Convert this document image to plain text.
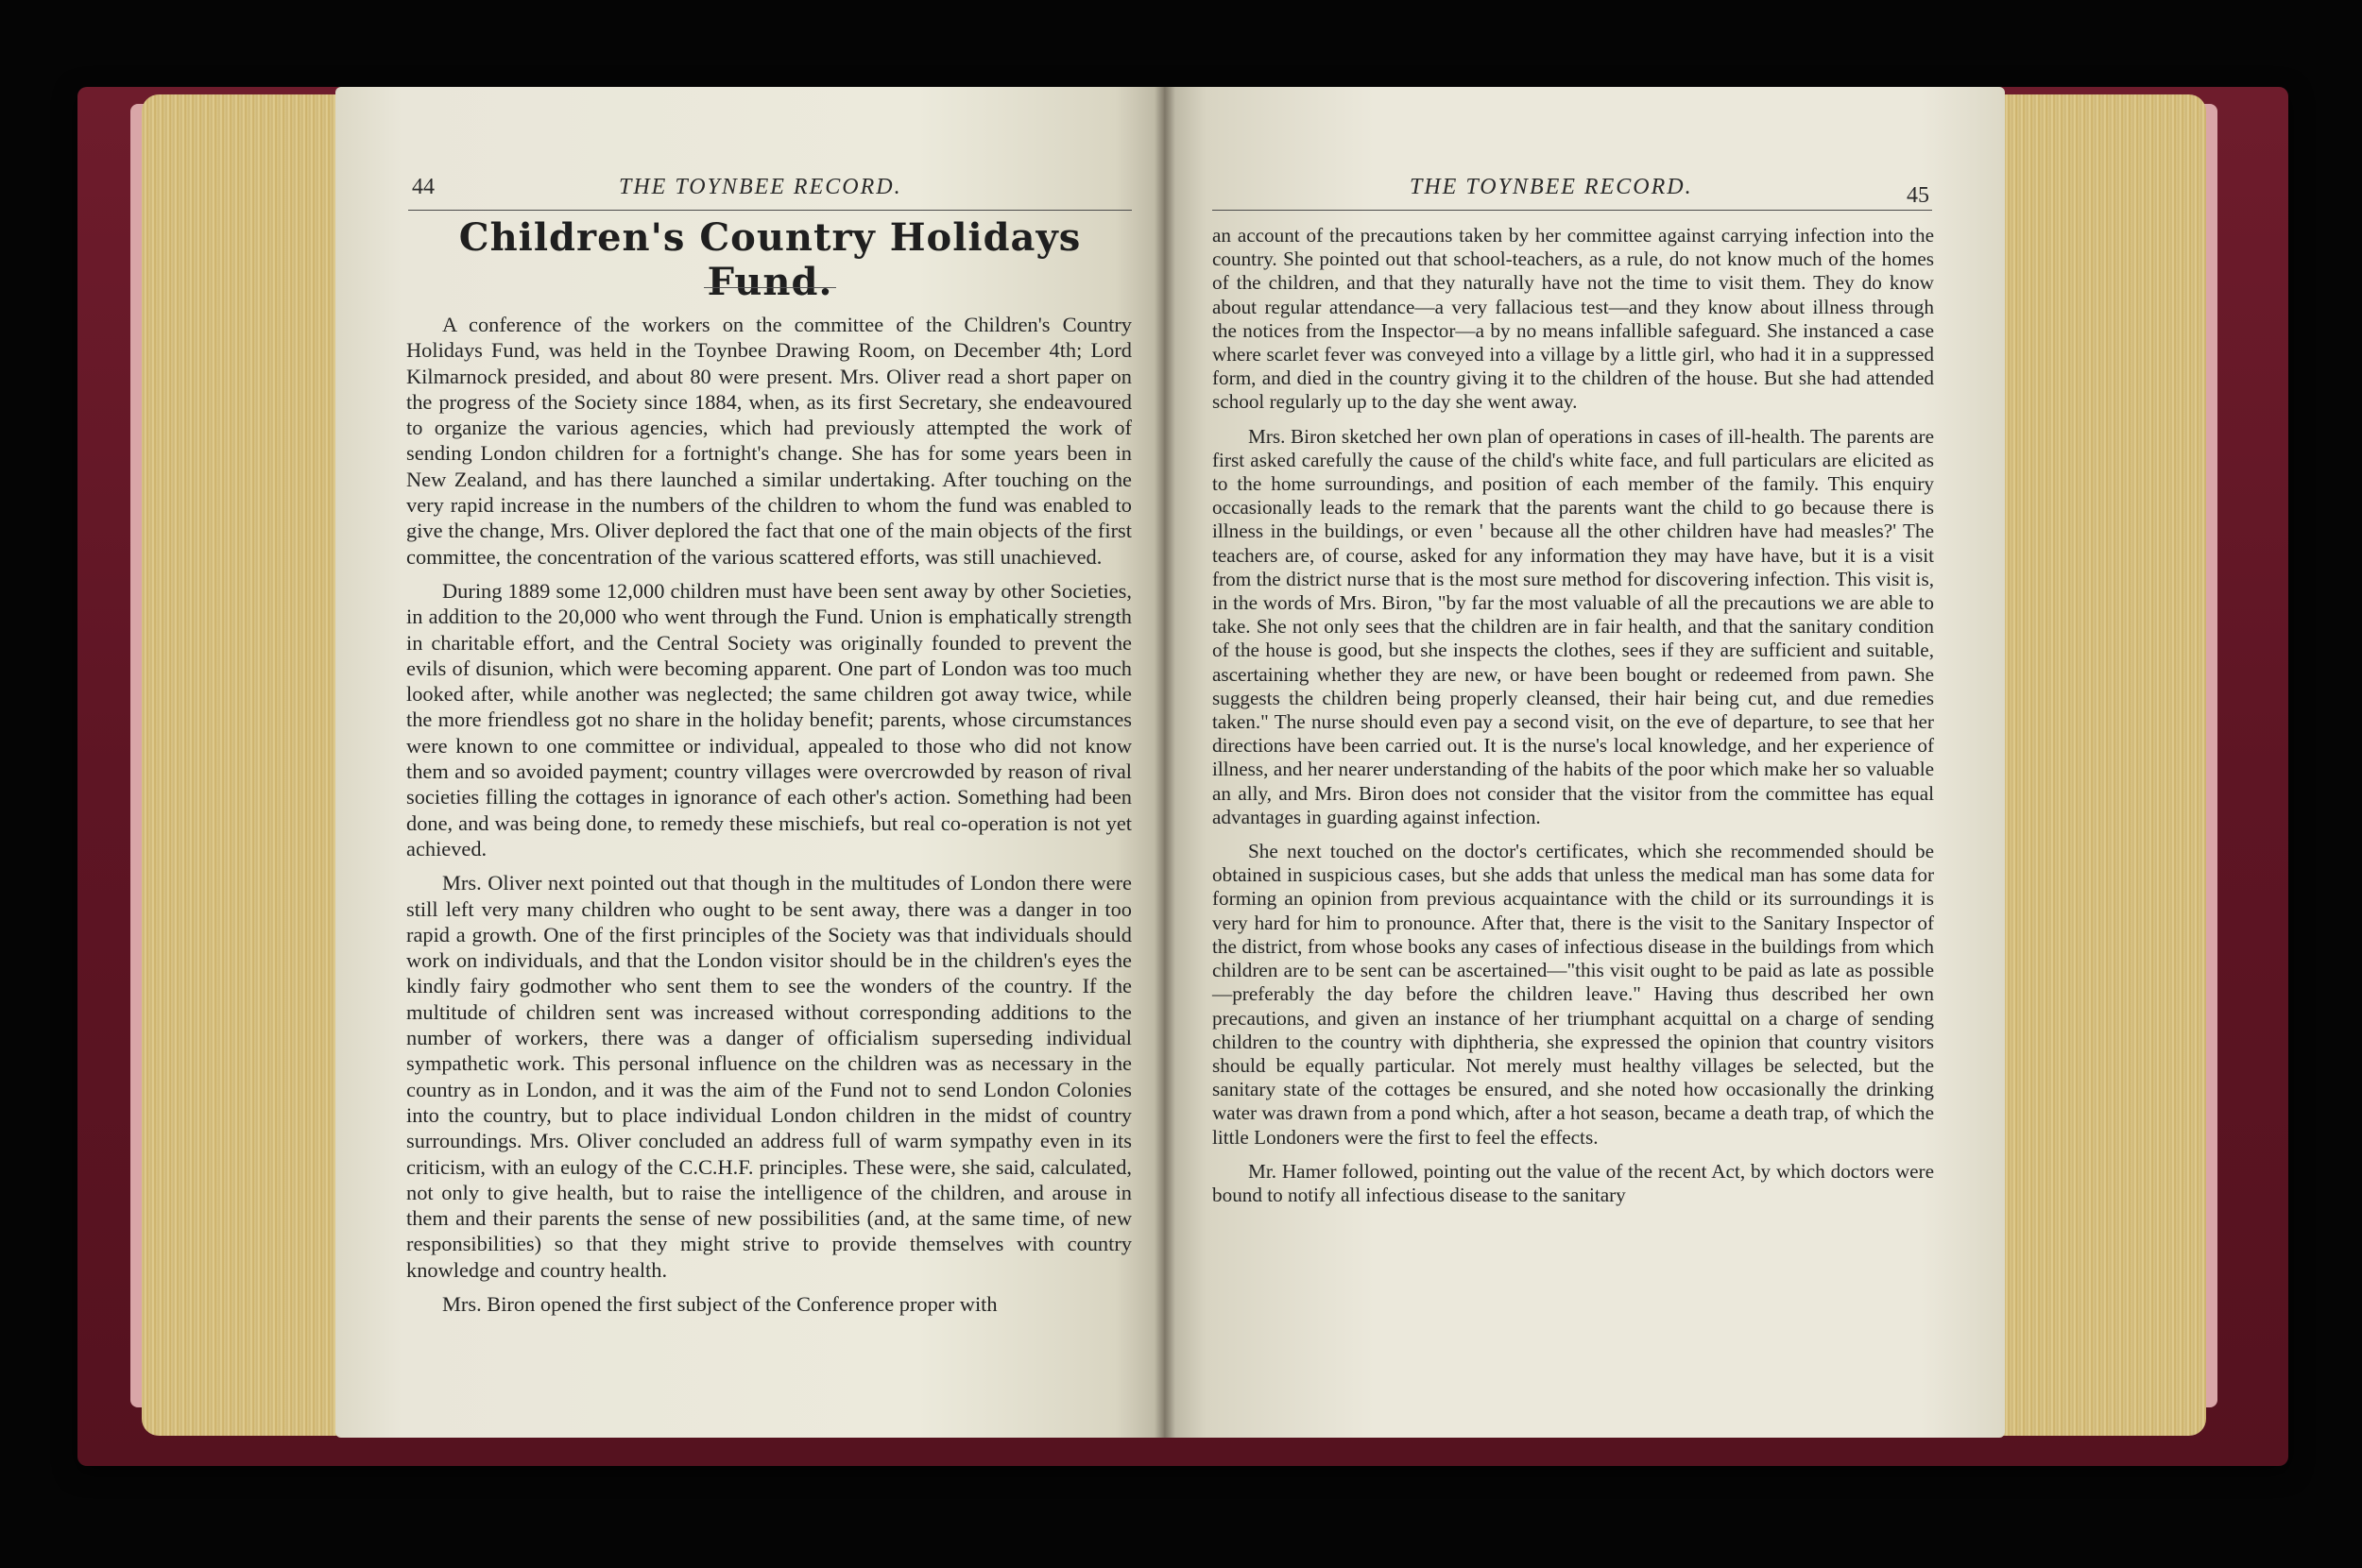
44	THE TOYNBEE RECORD.
Children's Country Holidays Fund.

A conference of the workers on the committee of the Children's Country Holidays Fund, was held in the Toynbee Drawing Room, on December 4th; Lord Kilmarnock presided, and about 80 were present. Mrs. Oliver read a short paper on the progress of the Society since 1884, when, as its first Secretary, she endeavoured to organize the various agencies, which had previously attempted the work of sending London children for a fortnight's change. She has for some years been in New Zealand, and has there launched a similar undertaking. After touching on the very rapid increase in the numbers of the children to whom the fund was enabled to give the change, Mrs. Oliver deplored the fact that one of the main objects of the first committee, the concentration of the various scattered efforts, was still unachieved.

During 1889 some 12,000 children must have been sent away by other Societies, in addition to the 20,000 who went through the Fund. Union is emphatically strength in charitable effort, and the Central Society was originally founded to prevent the evils of disunion, which were becoming apparent. One part of London was too much looked after, while another was neglected; the same children got away twice, while the more friendless got no share in the holiday benefit; parents, whose circumstances were known to one committee or individual, appealed to those who did not know them and so avoided payment; country villages were overcrowded by reason of rival societies filling the cottages in ignorance of each other's action. Something had been done, and was being done, to remedy these mischiefs, but real co-operation is not yet achieved.

Mrs. Oliver next pointed out that though in the multitudes of London there were still left very many children who ought to be sent away, there was a danger in too rapid a growth. One of the first principles of the Society was that individuals should work on individuals, and that the London visitor should be in the children's eyes the kindly fairy godmother who sent them to see the wonders of the country. If the multitude of children sent was increased without corresponding additions to the number of workers, there was a danger of officialism superseding individual sympathetic work. This personal influence on the children was as necessary in the country as in London, and it was the aim of the Fund not to send London Colonies into the country, but to place individual London children in the midst of country surroundings. Mrs. Oliver concluded an address full of warm sympathy even in its criticism, with an eulogy of the C.C.H.F. principles. These were, she said, calculated, not only to give health, but to raise the intelligence of the children, and arouse in them and their parents the sense of new possibilities (and, at the same time, of new responsibilities) so that they might strive to provide themselves with country knowledge and country health.

Mrs. Biron opened the first subject of the Conference proper with

THE TOYNBEE RECORD.	45

an account of the precautions taken by her committee against carrying infection into the country. She pointed out that school-teachers, as a rule, do not know much of the homes of the children, and that they naturally have not the time to visit them. They do know about regular attendance—a very fallacious test—and they know about illness through the notices from the Inspector—a by no means infallible safeguard. She instanced a case where scarlet fever was conveyed into a village by a little girl, who had it in a suppressed form, and died in the country giving it to the children of the house. But she had attended school regularly up to the day she went away.

Mrs. Biron sketched her own plan of operations in cases of ill-health. The parents are first asked carefully the cause of the child's white face, and full particulars are elicited as to the home surroundings, and position of each member of the family. This enquiry occasionally leads to the remark that the parents want the child to go because there is illness in the buildings, or even ' because all the other children have had measles?' The teachers are, of course, asked for any information they may have have, but it is a visit from the district nurse that is the most sure method for discovering infection. This visit is, in the words of Mrs. Biron, "by far the most valuable of all the precautions we are able to take. She not only sees that the children are in fair health, and that the sanitary condition of the house is good, but she inspects the clothes, sees if they are sufficient and suitable, ascertaining whether they are new, or have been bought or redeemed from pawn. She suggests the children being properly cleansed, their hair being cut, and due remedies taken." The nurse should even pay a second visit, on the eve of departure, to see that her directions have been carried out. It is the nurse's local knowledge, and her experience of illness, and her nearer understanding of the habits of the poor which make her so valuable an ally, and Mrs. Biron does not consider that the visitor from the committee has equal advantages in guarding against infection.

She next touched on the doctor's certificates, which she recommended should be obtained in suspicious cases, but she adds that unless the medical man has some data for forming an opinion from previous acquaintance with the child or its surroundings it is very hard for him to pronounce. After that, there is the visit to the Sanitary Inspector of the district, from whose books any cases of infectious disease in the buildings from which children are to be sent can be ascertained—"this visit ought to be paid as late as possible—preferably the day before the children leave." Having thus described her own precautions, and given an instance of her triumphant acquittal on a charge of sending children to the country with diphtheria, she expressed the opinion that country visitors should be equally particular. Not merely must healthy villages be selected, but the sanitary state of the cottages be ensured, and she noted how occasionally the drinking water was drawn from a pond which, after a hot season, became a death trap, of which the little Londoners were the first to feel the effects.

Mr. Hamer followed, pointing out the value of the recent Act, by which doctors were bound to notify all infectious disease to the sanitary
